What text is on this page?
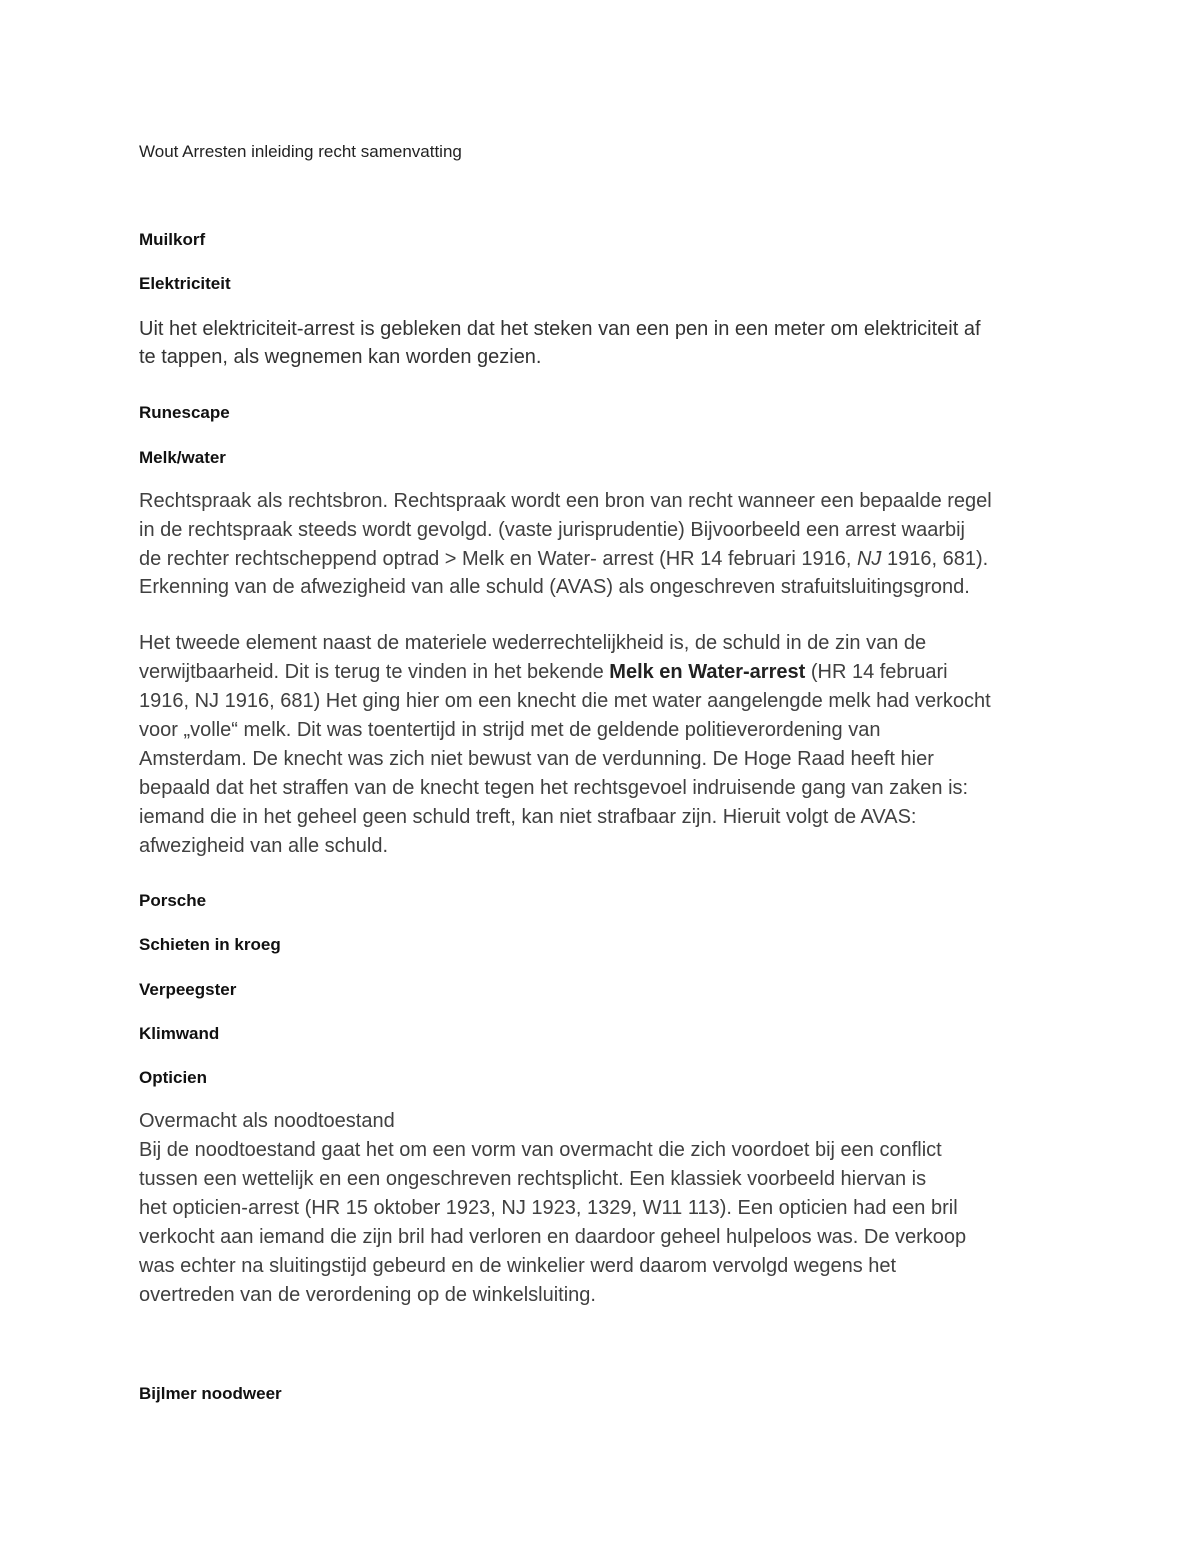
Wout Arresten inleiding recht samenvatting

Muilkorf

Elektriciteit

Uit het elektriciteit-arrest is gebleken dat het steken van een pen in een meter om elektriciteit af

te tappen, als wegnemen kan worden gezien.

Runescape

Melk/water

Rechtspraak als rechtsbron. Rechtspraak wordt een bron van recht wanneer een bepaalde regel

in de rechtspraak steeds wordt gevolgd. (vaste jurisprudentie) Bijvoorbeeld een arrest waarbij

de rechter rechtscheppend optrad > Melk en Water- arrest (HR 14 februari 1916, NJ 1916, 681).

Erkenning van de afwezigheid van alle schuld (AVAS) als ongeschreven strafuitsluitingsgrond.

Het tweede element naast de materiele wederrechtelijkheid is, de schuld in de zin van de

verwijtbaarheid. Dit is terug te vinden in het bekende Melk en Water-arrest (HR 14 februari

1916, NJ 1916, 681) Het ging hier om een knecht die met water aangelengde melk had verkocht

voor „volle“ melk. Dit was toentertijd in strijd met de geldende politieverordening van

Amsterdam. De knecht was zich niet bewust van de verdunning. De Hoge Raad heeft hier

bepaald dat het straffen van de knecht tegen het rechtsgevoel indruisende gang van zaken is:

iemand die in het geheel geen schuld treft, kan niet strafbaar zijn. Hieruit volgt de AVAS:

afwezigheid van alle schuld.

Porsche

Schieten in kroeg

Verpeegster

Klimwand

Opticien

Overmacht als noodtoestand

Bij de noodtoestand gaat het om een vorm van overmacht die zich voordoet bij een conflict

tussen een wettelijk en een ongeschreven rechtsplicht. Een klassiek voorbeeld hiervan is

het opticien-arrest (HR 15 oktober 1923, NJ 1923, 1329, W11 113). Een opticien had een bril

verkocht aan iemand die zijn bril had verloren en daardoor geheel hulpeloos was. De verkoop

was echter na sluitingstijd gebeurd en de winkelier werd daarom vervolgd wegens het

overtreden van de verordening op de winkelsluiting.

Bijlmer noodweer
